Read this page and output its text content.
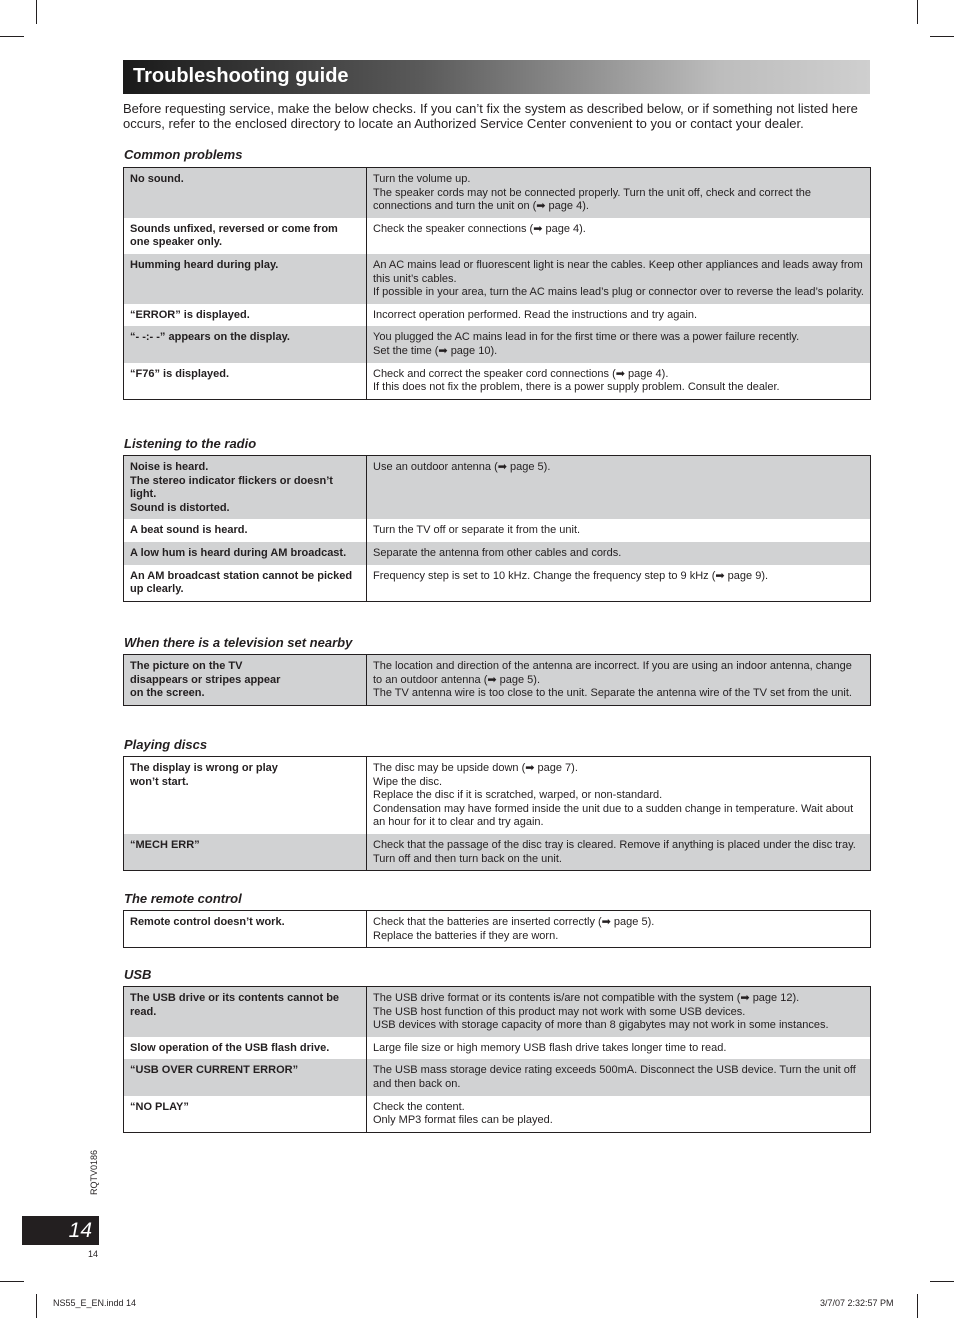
Troubleshooting guide
Before requesting service, make the below checks. If you can’t fix the system as described below, or if something not listed here occurs, refer to the enclosed directory to locate an Authorized Service Center convenient to you or contact your dealer.
Common problems
No sound.	Turn the volume up.
The speaker cords may not be connected properly. Turn the unit off, check and correct the connections and turn the unit on (➡ page 4).
Sounds unfixed, reversed or come from one speaker only.	Check the speaker connections (➡ page 4).
Humming heard during play.	An AC mains lead or fluorescent light is near the cables. Keep other appliances and leads away from this unit’s cables.
If possible in your area, turn the AC mains lead’s plug or connector over to reverse the lead’s polarity.
“ERROR” is displayed.	Incorrect operation performed. Read the instructions and try again.
“- -:- -” appears on the display.	You plugged the AC mains lead in for the first time or there was a power failure recently.
Set the time (➡ page 10).
“F76” is displayed.	Check and correct the speaker cord connections (➡ page 4).
If this does not fix the problem, there is a power supply problem. Consult the dealer.
Listening to the radio
Noise is heard.
The stereo indicator flickers or doesn’t light.
Sound is distorted.	Use an outdoor antenna (➡ page 5).
A beat sound is heard.	Turn the TV off or separate it from the unit.
A low hum is heard during AM broadcast.	Separate the antenna from other cables and cords.
An AM broadcast station cannot be picked up clearly.	Frequency step is set to 10 kHz. Change the frequency step to 9 kHz (➡ page 9).
When there is a television set nearby
The picture on the TV
disappears or stripes appear
on the screen.	The location and direction of the antenna are incorrect. If you are using an indoor antenna, change to an outdoor antenna (➡ page 5).
The TV antenna wire is too close to the unit. Separate the antenna wire of the TV set from the unit.
Playing discs
The display is wrong or play
won’t start.	The disc may be upside down (➡ page 7).
Wipe the disc.
Replace the disc if it is scratched, warped, or non-standard.
Condensation may have formed inside the unit due to a sudden change in temperature. Wait about an hour for it to clear and try again.
“MECH ERR”	Check that the passage of the disc tray is cleared. Remove if anything is placed under the disc tray. Turn off and then turn back on the unit.
The remote control
Remote control doesn’t work.	Check that the batteries are inserted correctly (➡ page 5).
Replace the batteries if they are worn.
USB
The USB drive or its contents cannot be read.	The USB drive format or its contents is/are not compatible with the system (➡ page 12).
The USB host function of this product may not work with some USB devices.
USB devices with storage capacity of more than 8 gigabytes may not work in some instances.
Slow operation of the USB flash drive.	Large file size or high memory USB flash drive takes longer time to read.
“USB OVER CURRENT ERROR”	The USB mass storage device rating exceeds 500mA. Disconnect the USB device. Turn the unit off and then back on.
“NO PLAY”	Check the content.
Only MP3 format files can be played.
RQTV0186
14
14
NS55_E_EN.indd 14	3/7/07 2:32:57 PM
